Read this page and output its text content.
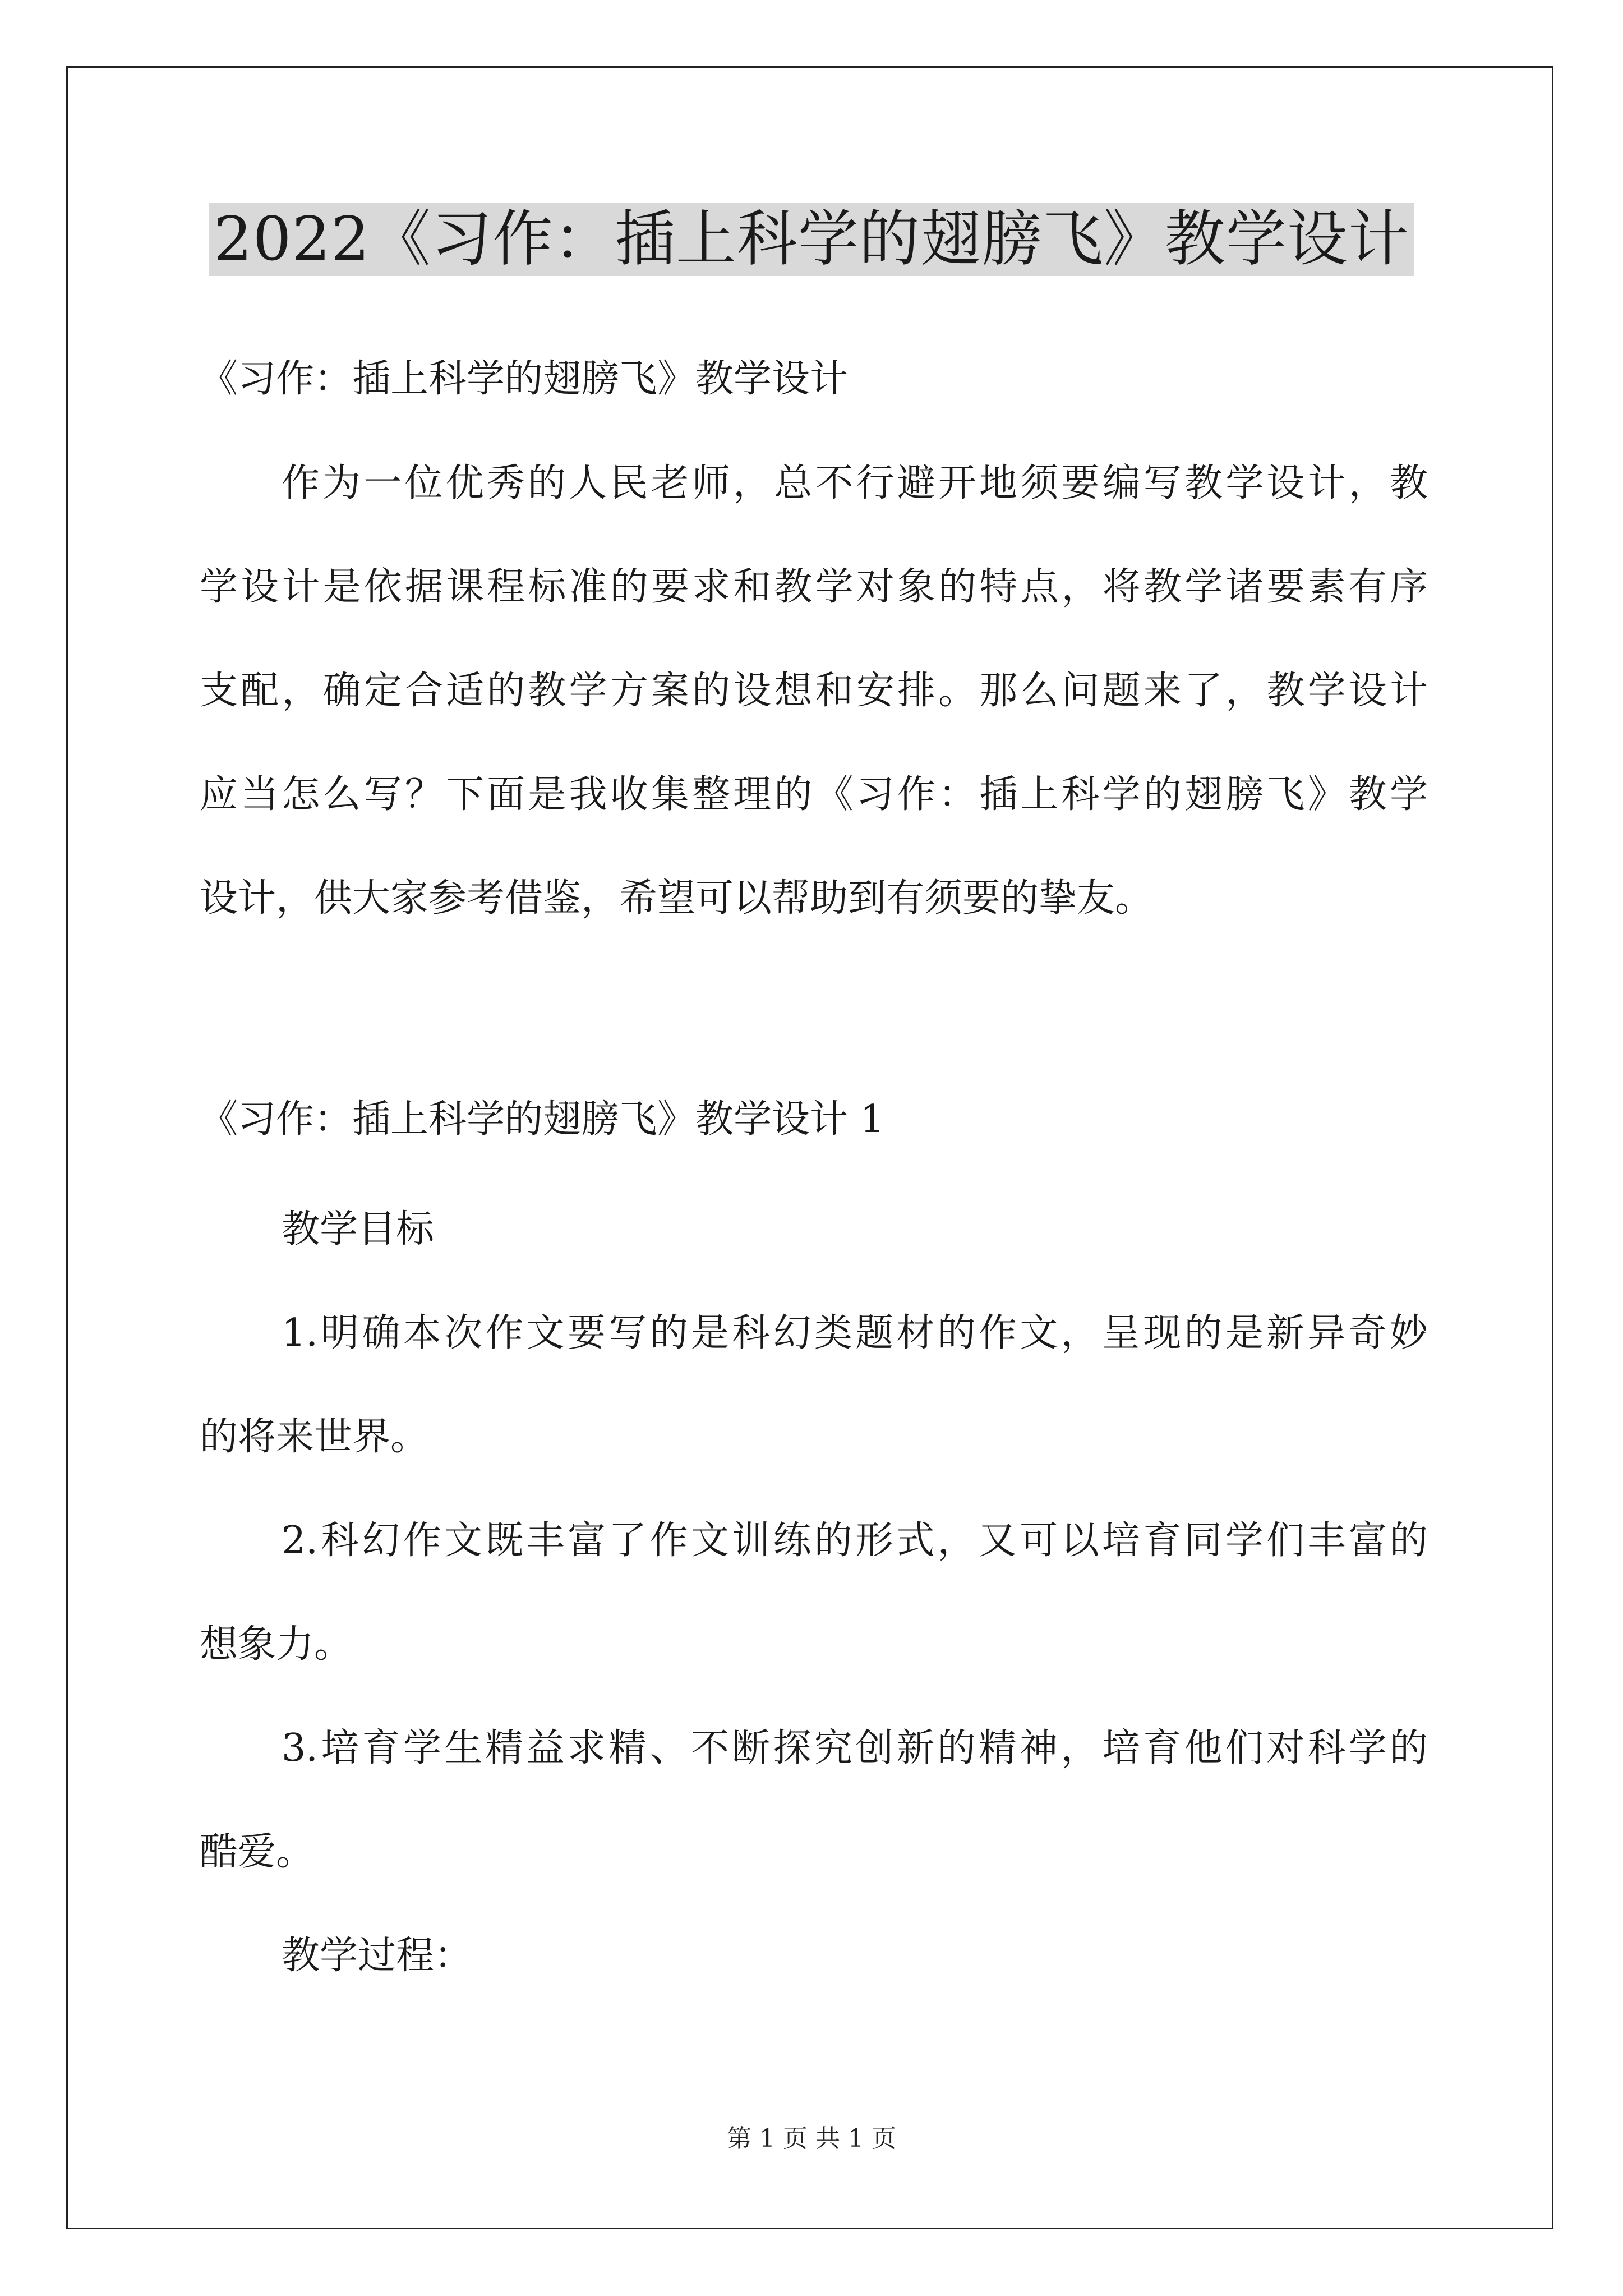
2022《习作：插上科学的翅膀飞》教学设计
《习作：插上科学的翅膀飞》教学设计
作为一位优秀的人民老师，总不行避开地须要编写教学设计，教
学设计是依据课程标准的要求和教学对象的特点，将教学诸要素有序
支配，确定合适的教学方案的设想和安排。那么问题来了，教学设计
应当怎么写？下面是我收集整理的《习作：插上科学的翅膀飞》教学
设计，供大家参考借鉴，希望可以帮助到有须要的挚友。
《习作：插上科学的翅膀飞》教学设计 1
教学目标
1.明确本次作文要写的是科幻类题材的作文，呈现的是新异奇妙
的将来世界。
2.科幻作文既丰富了作文训练的形式，又可以培育同学们丰富的
想象力。
3.培育学生精益求精、不断探究创新的精神，培育他们对科学的
酷爱。
教学过程：
第 1 页 共 1 页
